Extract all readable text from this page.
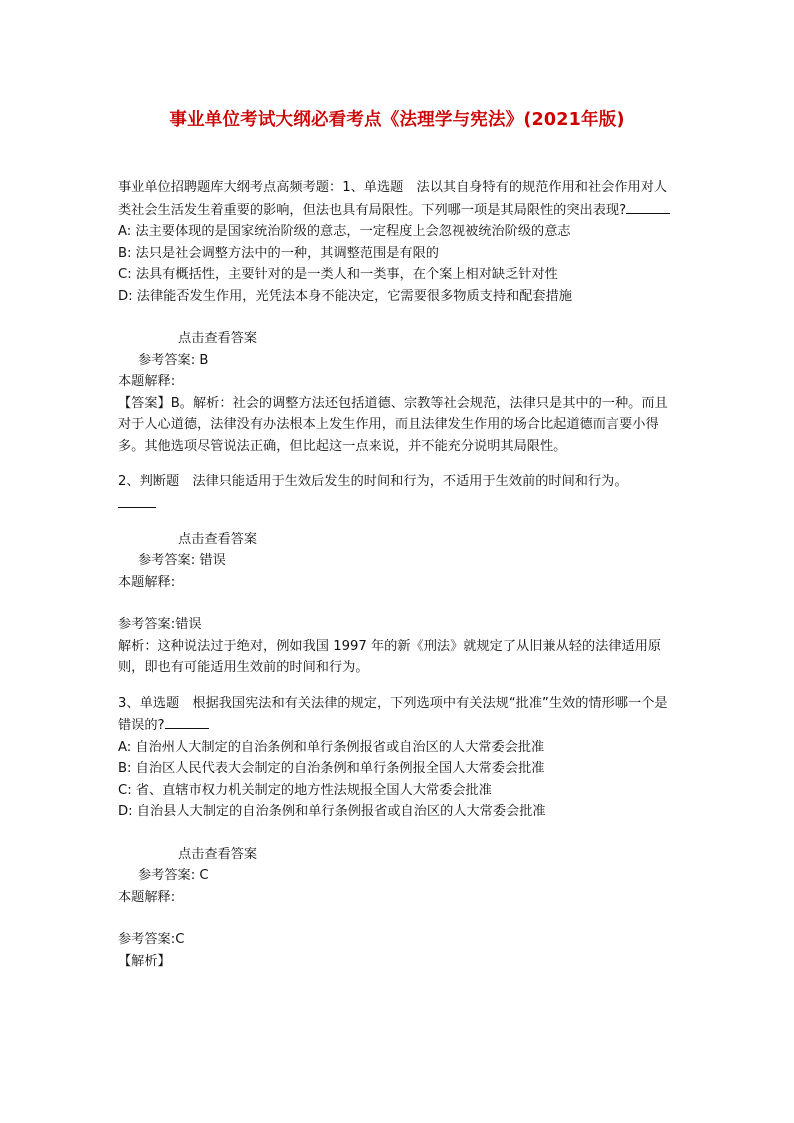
事业单位考试大纲必看考点《法理学与宪法》(2021年版)
事业单位招聘题库大纲考点高频考题：1、单选题　法以其自身特有的规范作用和社会作用对人类社会生活发生着重要的影响，但法也具有局限性。下列哪一项是其局限性的突出表现?
A: 法主要体现的是国家统治阶级的意志，一定程度上会忽视被统治阶级的意志
B: 法只是社会调整方法中的一种，其调整范围是有限的
C: 法具有概括性，主要针对的是一类人和一类事，在个案上相对缺乏针对性
D: 法律能否发生作用，光凭法本身不能决定，它需要很多物质支持和配套措施
点击查看答案
参考答案: B
本题解释:
【答案】B。解析：社会的调整方法还包括道德、宗教等社会规范，法律只是其中的一种。而且对于人心道德，法律没有办法根本上发生作用，而且法律发生作用的场合比起道德而言要小得多。其他选项尽管说法正确，但比起这一点来说，并不能充分说明其局限性。
2、判断题　法律只能适用于生效后发生的时间和行为，不适用于生效前的时间和行为。
点击查看答案
参考答案: 错误
本题解释:
参考答案:错误
解析：这种说法过于绝对，例如我国 1997 年的新《刑法》就规定了从旧兼从轻的法律适用原则，即也有可能适用生效前的时间和行为。
3、单选题　根据我国宪法和有关法律的规定，下列选项中有关法规“批准”生效的情形哪一个是错误的?
A: 自治州人大制定的自治条例和单行条例报省或自治区的人大常委会批准
B: 自治区人民代表大会制定的自治条例和单行条例报全国人大常委会批准
C: 省、直辖市权力机关制定的地方性法规报全国人大常委会批准
D: 自治县人大制定的自治条例和单行条例报省或自治区的人大常委会批准
点击查看答案
参考答案: C
本题解释:
参考答案:C
【解析】
